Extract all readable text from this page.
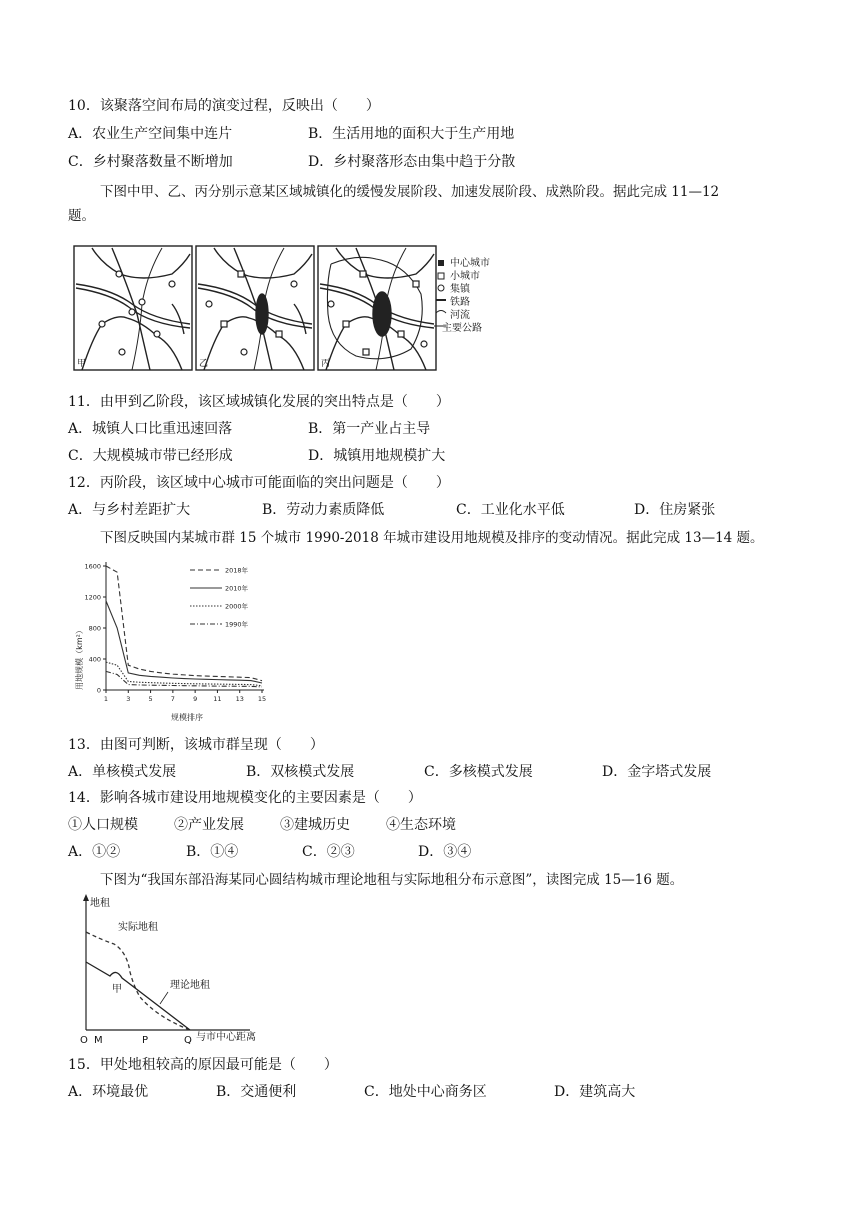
10．该聚落空间布局的演变过程，反映出（　　）
A．农业生产空间集中连片	B．生活用地的面积大于生产用地
C．乡村聚落数量不断增加	D．乡村聚落形态由集中趋于分散
下图中甲、乙、丙分别示意某区域城镇化的缓慢发展阶段、加速发展阶段、成熟阶段。据此完成 11—12
题。
甲	乙	丙
中心城市
小城市
集镇
铁路
河流
主要公路
11．由甲到乙阶段，该区域城镇化发展的突出特点是（　　）
A．城镇人口比重迅速回落	B．第一产业占主导
C．大规模城市带已经形成	D．城镇用地规模扩大
12．丙阶段，该区域中心城市可能面临的突出问题是（　　）
A．与乡村差距扩大	B．劳动力素质降低	C．工业化水平低	D．住房紧张
下图反映国内某城市群 15 个城市 1990-2018 年城市建设用地规模及排序的变动情况。据此完成 13—14 题。
用地规模（km²）
规模排序
0
400
800
1200
1600
1	3	5	7	9 11 13 15
2018年
2010年
2000年
1990年
13．由图可判断，该城市群呈现（　　）
A．单核模式发展	B．双核模式发展	C．多核模式发展	D．金字塔式发展
14．影响各城市建设用地规模变化的主要因素是（　　）
①人口规模	②产业发展	③建城历史	④生态环境
A．①②	B．①④	C．②③	D．③④
下图为“我国东部沿海某同心圆结构城市理论地租与实际地租分布示意图”，读图完成 15—16 题。
地租
与市中心距离
实际地租
理论地租
甲
O M	P	Q
15．甲处地租较高的原因最可能是（　　）
A．环境最优	B．交通便利	C．地处中心商务区	D．建筑高大
